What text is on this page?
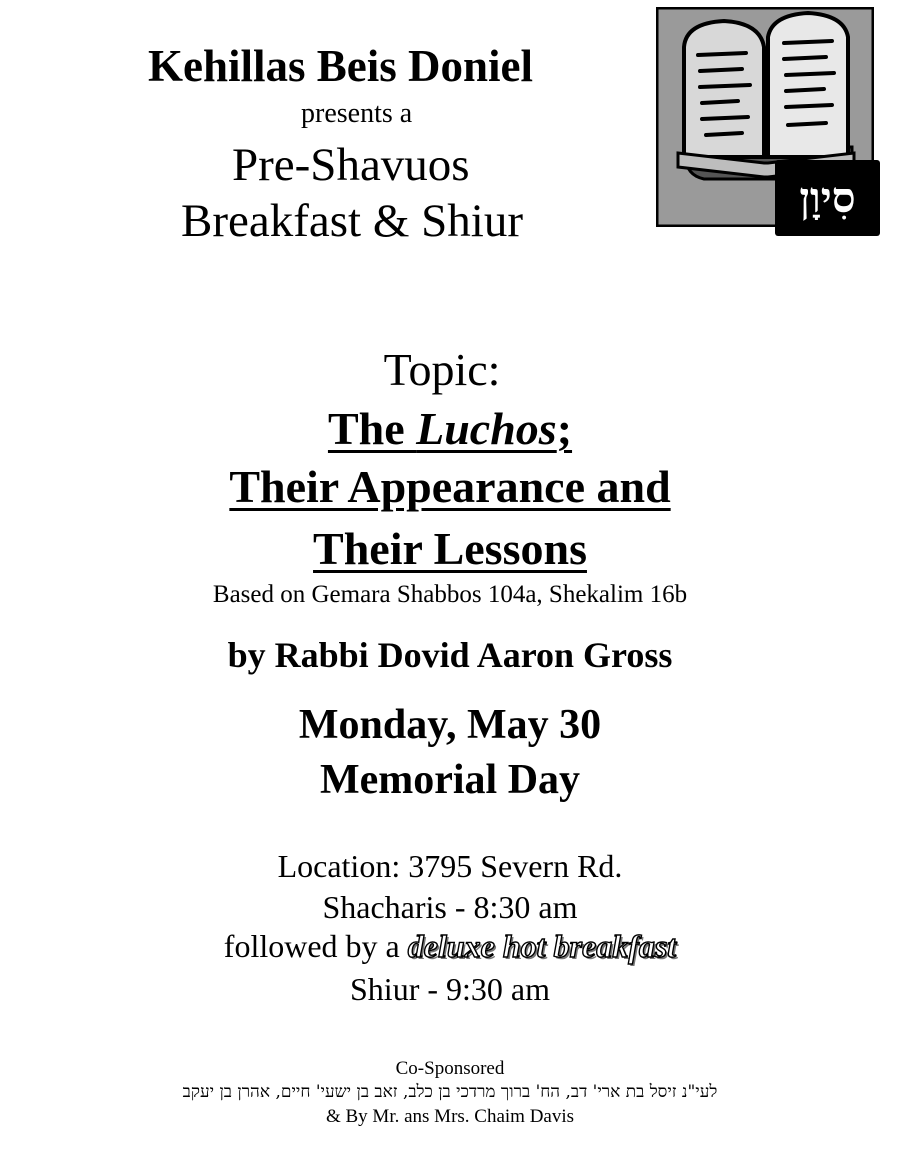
Kehillas Beis Doniel
presents a
Pre-Shavuos
Breakfast & Shiur	סִיוָן
Topic:
The Luchos;
Their Appearance and
Their Lessons
Based on Gemara Shabbos 104a, Shekalim 16b
by Rabbi Dovid Aaron Gross
Monday, May 30
Memorial Day
Location: 3795 Severn Rd.
Shacharis - 8:30 am
followed by a deluxe hot breakfast
Shiur - 9:30 am
Co-Sponsored
לעי"נ זיסל בת ארי' דב, הח' ברוך מרדכי בן כלב, זאב בן ישעי' חיים, אהרן בן יעקב
& By Mr. ans Mrs. Chaim Davis
